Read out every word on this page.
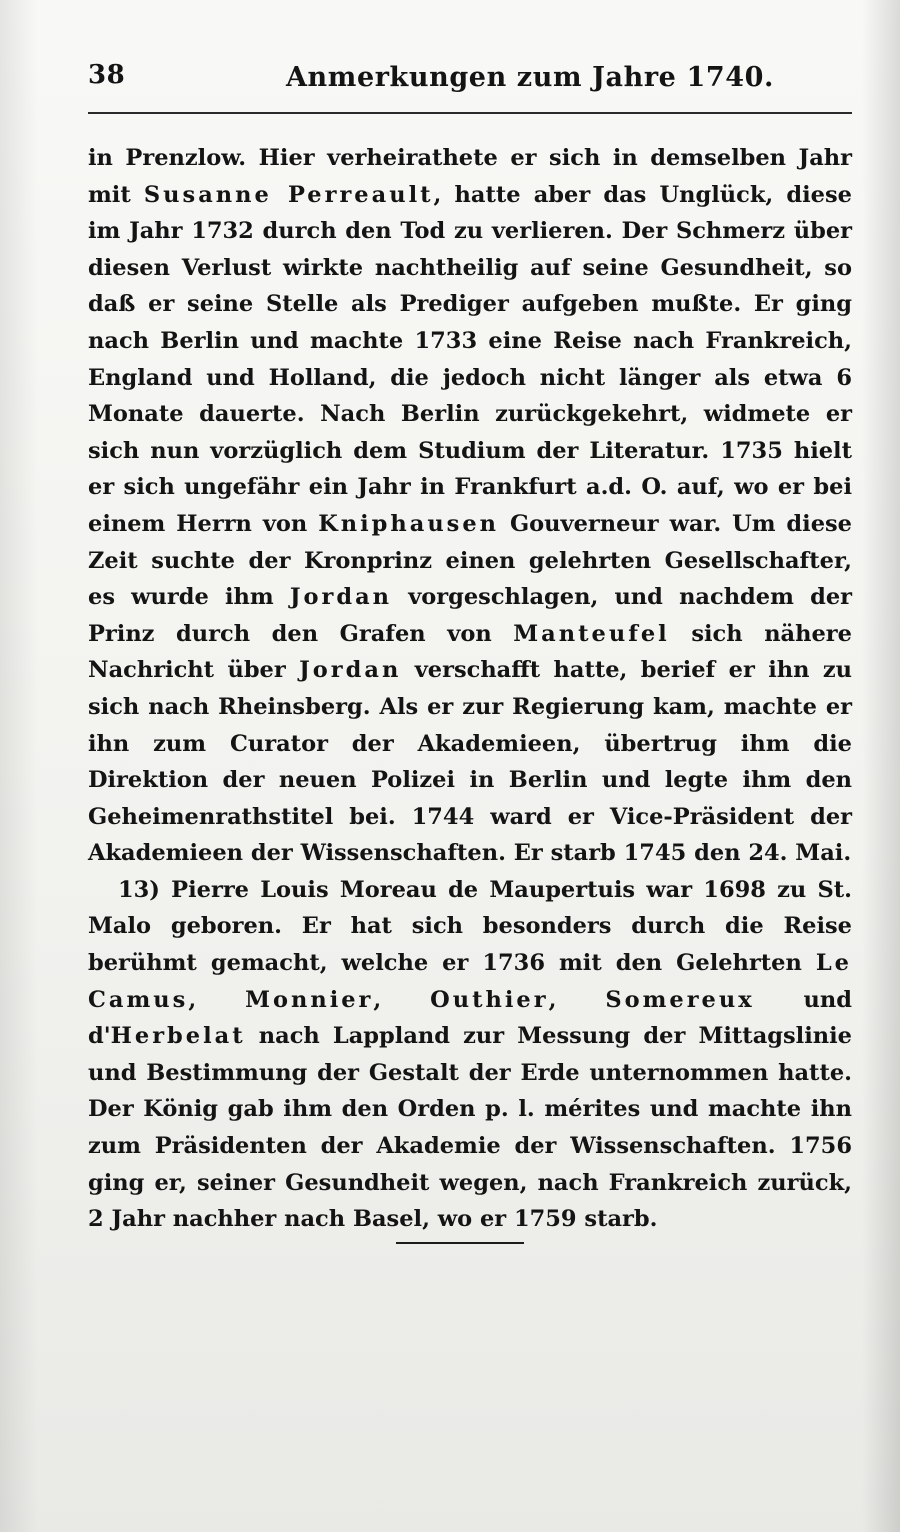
38	Anmerkungen zum Jahre 1740.

in Prenzlow. Hier verheirathete er sich in demselben Jahr mit Susanne Perreault, hatte aber das Unglück, diese im Jahr 1732 durch den Tod zu verlieren. Der Schmerz über diesen Verlust wirkte nachtheilig auf seine Gesundheit, so daß er seine Stelle als Prediger aufgeben mußte. Er ging nach Berlin und machte 1733 eine Reise nach Frankreich, England und Holland, die jedoch nicht länger als etwa 6 Monate dauerte. Nach Berlin zurückgekehrt, widmete er sich nun vorzüglich dem Studium der Literatur. 1735 hielt er sich ungefähr ein Jahr in Frankfurt a.d. O. auf, wo er bei einem Herrn von Kniphausen Gouverneur war. Um diese Zeit suchte der Kronprinz einen gelehrten Gesellschafter, es wurde ihm Jordan vorgeschlagen, und nachdem der Prinz durch den Grafen von Manteufel sich nähere Nachricht über Jordan verschafft hatte, berief er ihn zu sich nach Rheinsberg. Als er zur Regierung kam, machte er ihn zum Curator der Akademieen, übertrug ihm die Direktion der neuen Polizei in Berlin und legte ihm den Geheimenrathstitel bei. 1744 ward er Vice-Präsident der Akademieen der Wissenschaften. Er starb 1745 den 24. Mai.

13) Pierre Louis Moreau de Maupertuis war 1698 zu St. Malo geboren. Er hat sich besonders durch die Reise berühmt gemacht, welche er 1736 mit den Gelehrten Le Camus, Monnier, Outhier, Somereux und d'Herbelat nach Lappland zur Messung der Mittagslinie und Bestimmung der Gestalt der Erde unternommen hatte. Der König gab ihm den Orden p. l. mérites und machte ihn zum Präsidenten der Akademie der Wissenschaften. 1756 ging er, seiner Gesundheit wegen, nach Frankreich zurück, 2 Jahr nachher nach Basel, wo er 1759 starb.
